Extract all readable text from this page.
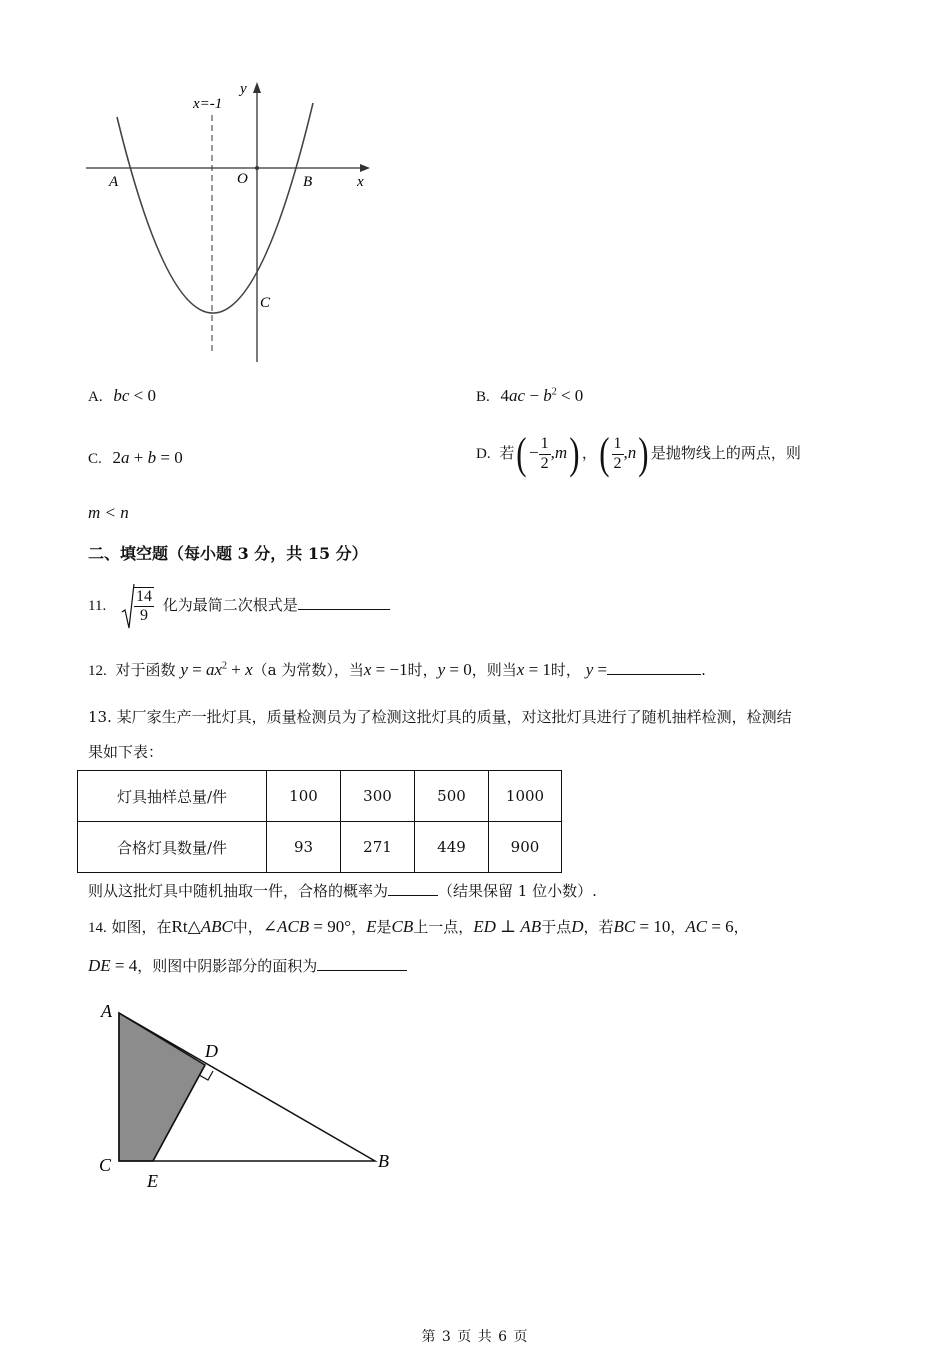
x=-1
y
x
O
A	B
C
A. bc < 0	B. $4ac - b^2 < 0$
C. 2a + b = 0	D. 若( − $\frac{1}{2} ,m$) ，( $\frac{1}{2} ,n$) 是抛物线上的两点，则
m < n
二、填空题（每小题 3 分，共 15 分）
11. $\frac{14}{9}$ 化为最简二次根式是
12. 对于函数 $y = ax^2 + x(a$ 为常数），当x = −1时，y = 0，则当x = 1时， y =	.
13. 某厂家生产一批灯具，质量检测员为了检测这批灯具的质量，对这批灯具进行了随机抽样检测，检测结
果如下表：
灯具抽样总量/件	100	300	500	1000
合格灯具数量/件	93	271	449	900
则从这批灯具中随机抽取一件，合格的概率为	（结果保留 1 位小数）.
14. 如图，在Rt△ABC中，∠ACB = 90°，E是CB上一点，ED ⊥ AB于点D，若BC = 10，AC = 6，
DE = 4，则图中阴影部分的面积为
A
D
C
E
B
第 3 页 共 6 页
